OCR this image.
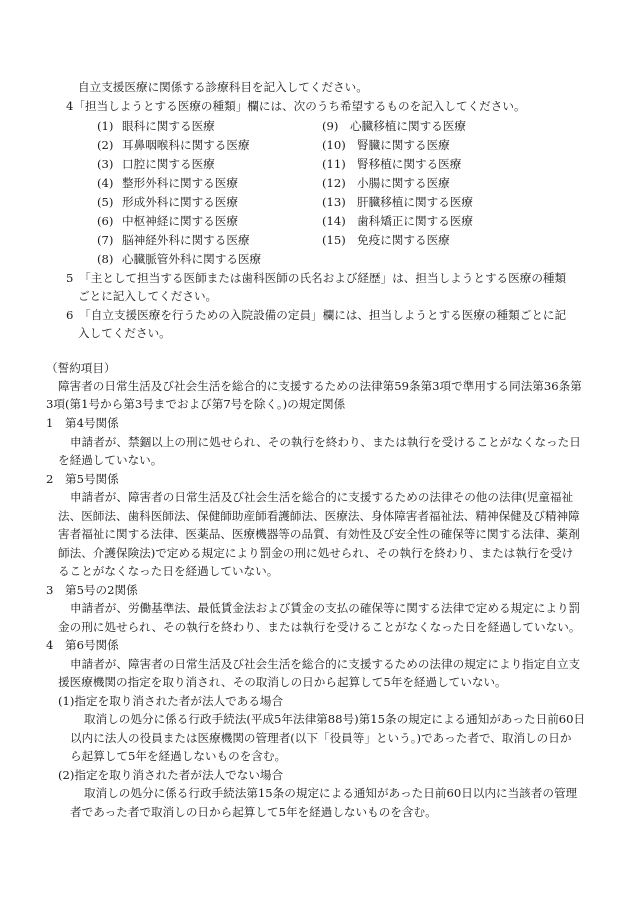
自立支援医療に関係する診療科目を記入してください。
4「担当しようとする医療の種類」欄には、次のうち希望するものを記入してください。
(1) 眼科に関する医療
(2) 耳鼻咽喉科に関する医療
(3) 口腔に関する医療
(4) 整形外科に関する医療
(5) 形成外科に関する医療
(6) 中枢神経に関する医療
(7) 脳神経外科に関する医療
(8) 心臓脈管外科に関する医療
(9) 心臓移植に関する医療
(10) 腎臓に関する医療
(11) 腎移植に関する医療
(12) 小腸に関する医療
(13) 肝臓移植に関する医療
(14) 歯科矯正に関する医療
(15) 免疫に関する医療
5　「主として担当する医師または歯科医師の氏名および経歴」は、担当しようとする医療の種類
ごとに記入してください。
6　「自立支援医療を行うための入院設備の定員」欄には、担当しようとする医療の種類ごとに記
入してください。
（誓約項目）
障害者の日常生活及び社会生活を総合的に支援するための法律第59条第3項で準用する同法第36条第
3項(第1号から第3号までおよび第7号を除く。)の規定関係
1　第4号関係
申請者が、禁錮以上の刑に処せられ、その執行を終わり、または執行を受けることがなくなった日
を経過していない。
2　第5号関係
申請者が、障害者の日常生活及び社会生活を総合的に支援するための法律その他の法律(児童福祉
法、医師法、歯科医師法、保健師助産師看護師法、医療法、身体障害者福祉法、精神保健及び精神障
害者福祉に関する法律、医薬品、医療機器等の品質、有効性及び安全性の確保等に関する法律、薬剤
師法、介護保険法)で定める規定により罰金の刑に処せられ、その執行を終わり、または執行を受け
ることがなくなった日を経過していない。
3　第5号の2関係
申請者が、労働基準法、最低賃金法および賃金の支払の確保等に関する法律で定める規定により罰
金の刑に処せられ、その執行を終わり、または執行を受けることがなくなった日を経過していない。
4　第6号関係
申請者が、障害者の日常生活及び社会生活を総合的に支援するための法律の規定により指定自立支
援医療機関の指定を取り消され、その取消しの日から起算して5年を経過していない。
(1)指定を取り消された者が法人である場合
取消しの処分に係る行政手続法(平成5年法律第88号)第15条の規定による通知があった日前60日
以内に法人の役員または医療機関の管理者(以下「役員等」という。)であった者で、取消しの日か
ら起算して5年を経過しないものを含む。
(2)指定を取り消された者が法人でない場合
取消しの処分に係る行政手続法第15条の規定による通知があった日前60日以内に当該者の管理
者であった者で取消しの日から起算して5年を経過しないものを含む。
